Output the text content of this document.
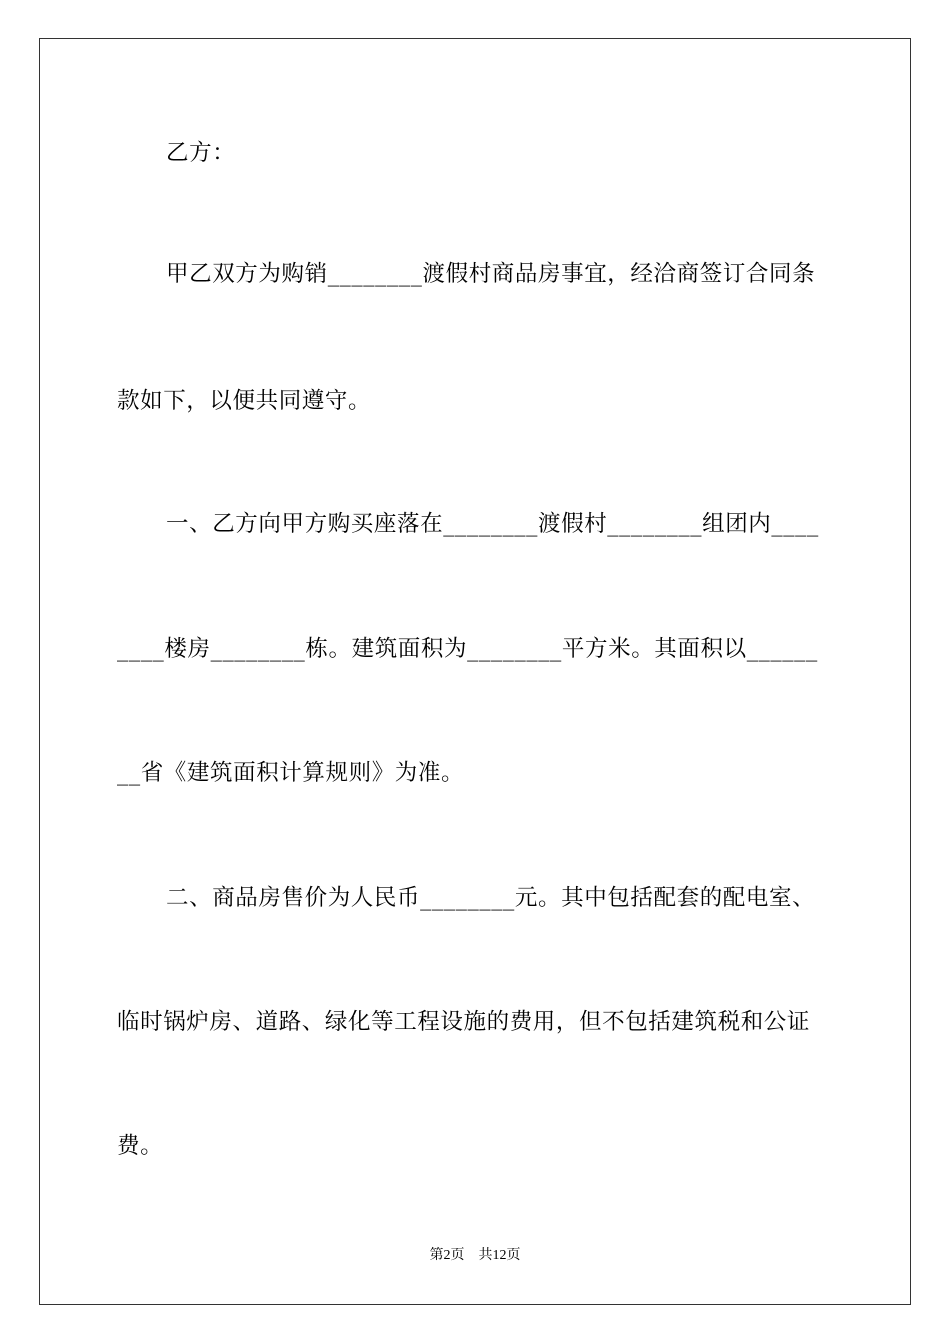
乙方：
甲乙双方为购销________渡假村商品房事宜，经洽商签订合同条
款如下，以便共同遵守。
一、乙方向甲方购买座落在________渡假村________组团内____
____楼房________栋。建筑面积为________平方米。其面积以______
__省《建筑面积计算规则》为准。
二、商品房售价为人民币________元。其中包括配套的配电室、
临时锅炉房、道路、绿化等工程设施的费用，但不包括建筑税和公证
费。
第2页 共12页
